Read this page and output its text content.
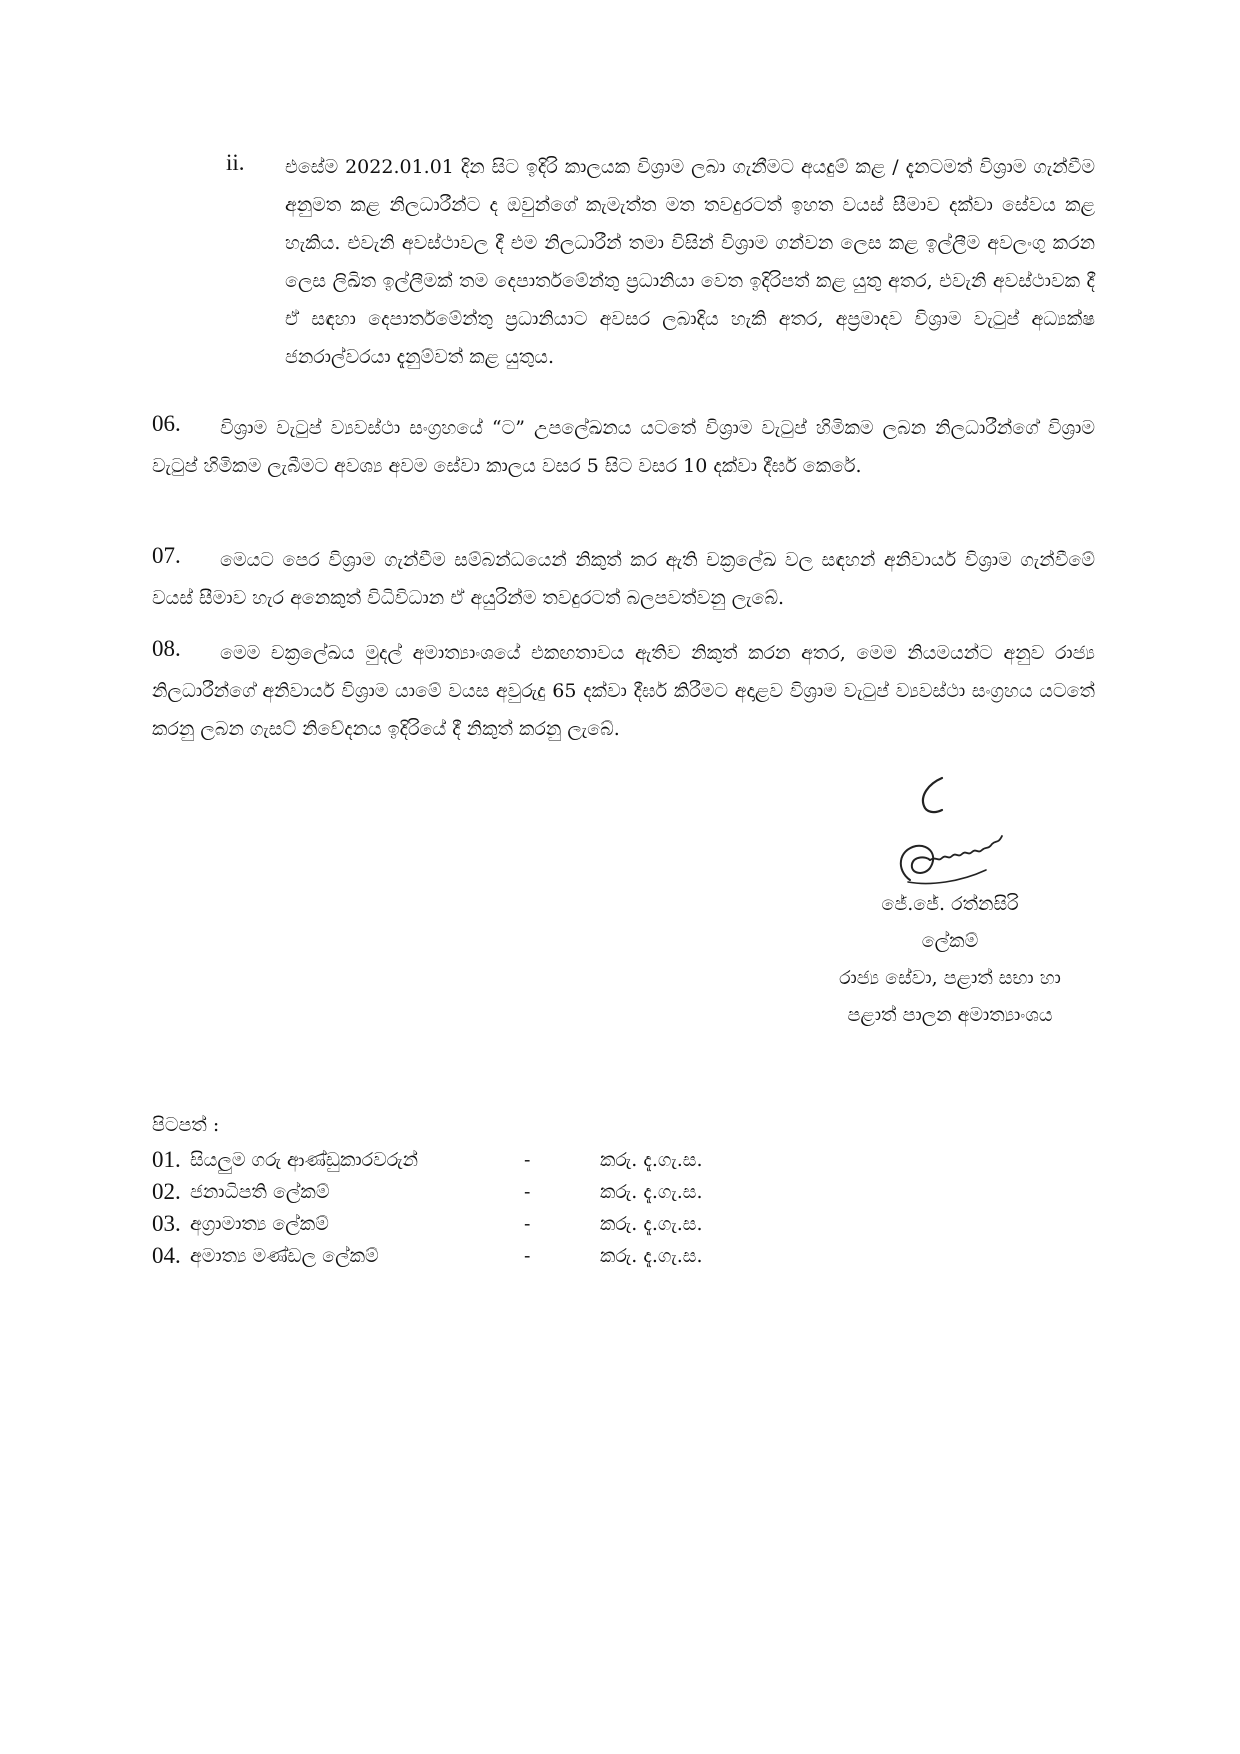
ii. එසේම 2022.01.01 දින සිට ඉදිරි කාලයක විශ්‍රාම ලබා ගැනීමට අයදුම් කළ / දැනටමත් විශ්‍රාම ගැන්වීම අනුමත කළ නිලධාරීන්ට ද ඔවුන්ගේ කැමැත්ත මත තවදුරටත් ඉහත වයස් සීමාව දක්වා සේවය කළ හැකිය. එවැනි අවස්ථාවල දී එම නිලධාරීන් තමා විසින් විශ්‍රාම ගන්වන ලෙස කළ ඉල්ලීම අවලංගු කරන ලෙස ලිඛිත ඉල්ලීමක් තම දෙපාර්තමේන්තු ප්‍රධානියා වෙත ඉදිරිපත් කළ යුතු අතර, එවැනි අවස්ථාවක දී ඒ සඳහා දෙපාර්තමේන්තු ප්‍රධානියාට අවසර ලබාදිය හැකි අතර, අප්‍රමාදව විශ්‍රාම වැටුප් අධ්‍යක්ෂ ජනරාල්වරයා දැනුම්වත් කළ යුතුය.
06.	විශ්‍රාම වැටුප් ව්‍යවස්ථා සංග්‍රහයේ “ට” උපලේඛනය යටතේ විශ්‍රාම වැටුප් හිමිකම ලබන නිලධාරීන්ගේ විශ්‍රාම වැටුප් හිමිකම ලැබීමට අවශ්‍ය අවම සේවා කාලය වසර 5 සිට වසර 10 දක්වා දීර්ඝ කෙරේ.
07.	මෙයට පෙර විශ්‍රාම ගැන්වීම සම්බන්ධයෙන් නිකුත් කර ඇති චක්‍රලේඛ වල සඳහන් අනිවාර්ය විශ්‍රාම ගැන්වීමේ වයස් සීමාව හැර අනෙකුත් විධිවිධාන ඒ අයුරින්ම තවදුරටත් බලපවත්වනු ලැබේ.
08.	මෙම චක්‍රලේඛය මුදල් අමාත්‍යාංශයේ එකඟතාවය ඇතිව නිකුත් කරන අතර, මෙම නියමයන්ට අනුව රාජ්‍ය නිලධාරීන්ගේ අනිවාර්ය විශ්‍රාම යාමේ වයස අවුරුදු 65 දක්වා දීර්ඝ කිරීමට අදාළව විශ්‍රාම වැටුප් ව්‍යවස්ථා සංග්‍රහය යටතේ කරනු ලබන ගැසට් නිවේදනය ඉදිරියේ දී නිකුත් කරනු ලැබේ.
ජේ.ජේ. රත්නසිරි
ලේකම්
රාජ්‍ය සේවා, පළාත් සභා හා
පළාත් පාලන අමාත්‍යාංශය
පිටපත් :
01. සියලුම ගරු ආණ්ඩුකාරවරුන්	-	කරු. දැ.ගැ.ස.
02. ජනාධිපති ලේකම්	-	කරු. දැ.ගැ.ස.
03. අග්‍රාමාත්‍ය ලේකම්	-	කරු. දැ.ගැ.ස.
04. අමාත්‍ය මණ්ඩල ලේකම්	-	කරු. දැ.ගැ.ස.
